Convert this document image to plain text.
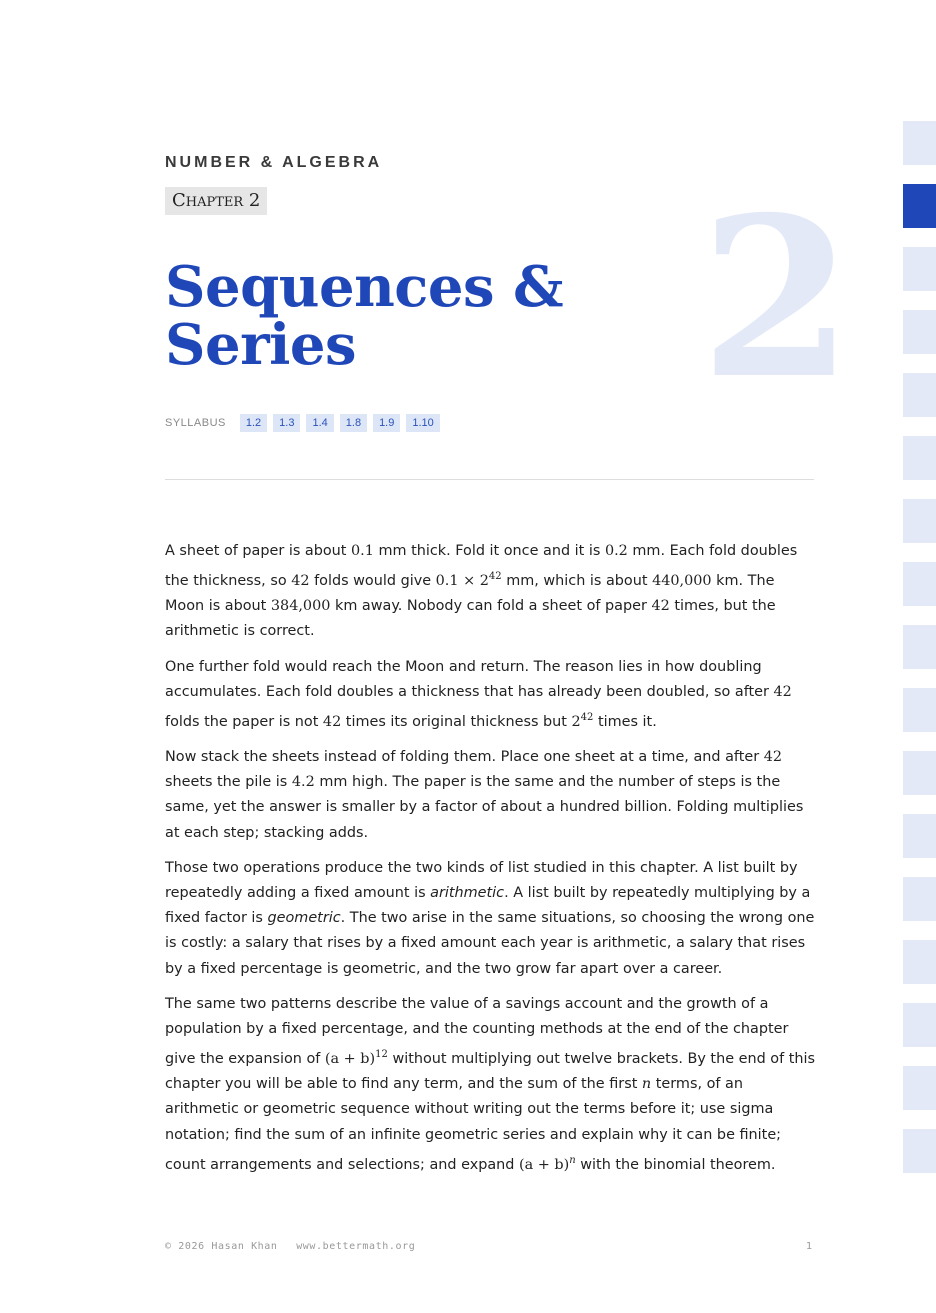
NUMBER & ALGEBRA
Chapter 2 2
Sequences &
Series
SYLLABUS	1.2	1.3	1.4	1.8	1.9	1.10

A sheet of paper is about 0.1 mm thick. Fold it once and it is 0.2 mm. Each fold doubles the thickness, so 42 folds would give $0.1 \times 2^{42}$ mm, which is about 440,000 km. The Moon is about 384,000 km away. Nobody can fold a sheet of paper 42 times, but the arithmetic is correct.

One further fold would reach the Moon and return. The reason lies in how doubling accumulates. Each fold doubles a thickness that has already been doubled, so after 42 folds the paper is not 42 times its original thickness but $2^{42}$ times it.

Now stack the sheets instead of folding them. Place one sheet at a time, and after 42 sheets the pile is 4.2 mm high. The paper is the same and the number of steps is the same, yet the answer is smaller by a factor of about a hundred billion. Folding multiplies at each step; stacking adds.

Those two operations produce the two kinds of list studied in this chapter. A list built by repeatedly adding a fixed amount is arithmetic. A list built by repeatedly multiplying by a fixed factor is geometric. The two arise in the same situations, so choosing the wrong one is costly: a salary that rises by a fixed amount each year is arithmetic, a salary that rises by a fixed percentage is geometric, and the two grow far apart over a career.

The same two patterns describe the value of a savings account and the growth of a population by a fixed percentage, and the counting methods at the end of the chapter give the expansion of $(a + b)^{12}$ without multiplying out twelve brackets. By the end of this chapter you will be able to find any term, and the sum of the first n terms, of an arithmetic or geometric sequence without writing out the terms before it; use sigma notation; find the sum of an infinite geometric series and explain why it can be finite; count arrangements and selections; and expand $(a + b)^n$ with the binomial theorem.

© 2026 Hasan Khan www.bettermath.org	1
